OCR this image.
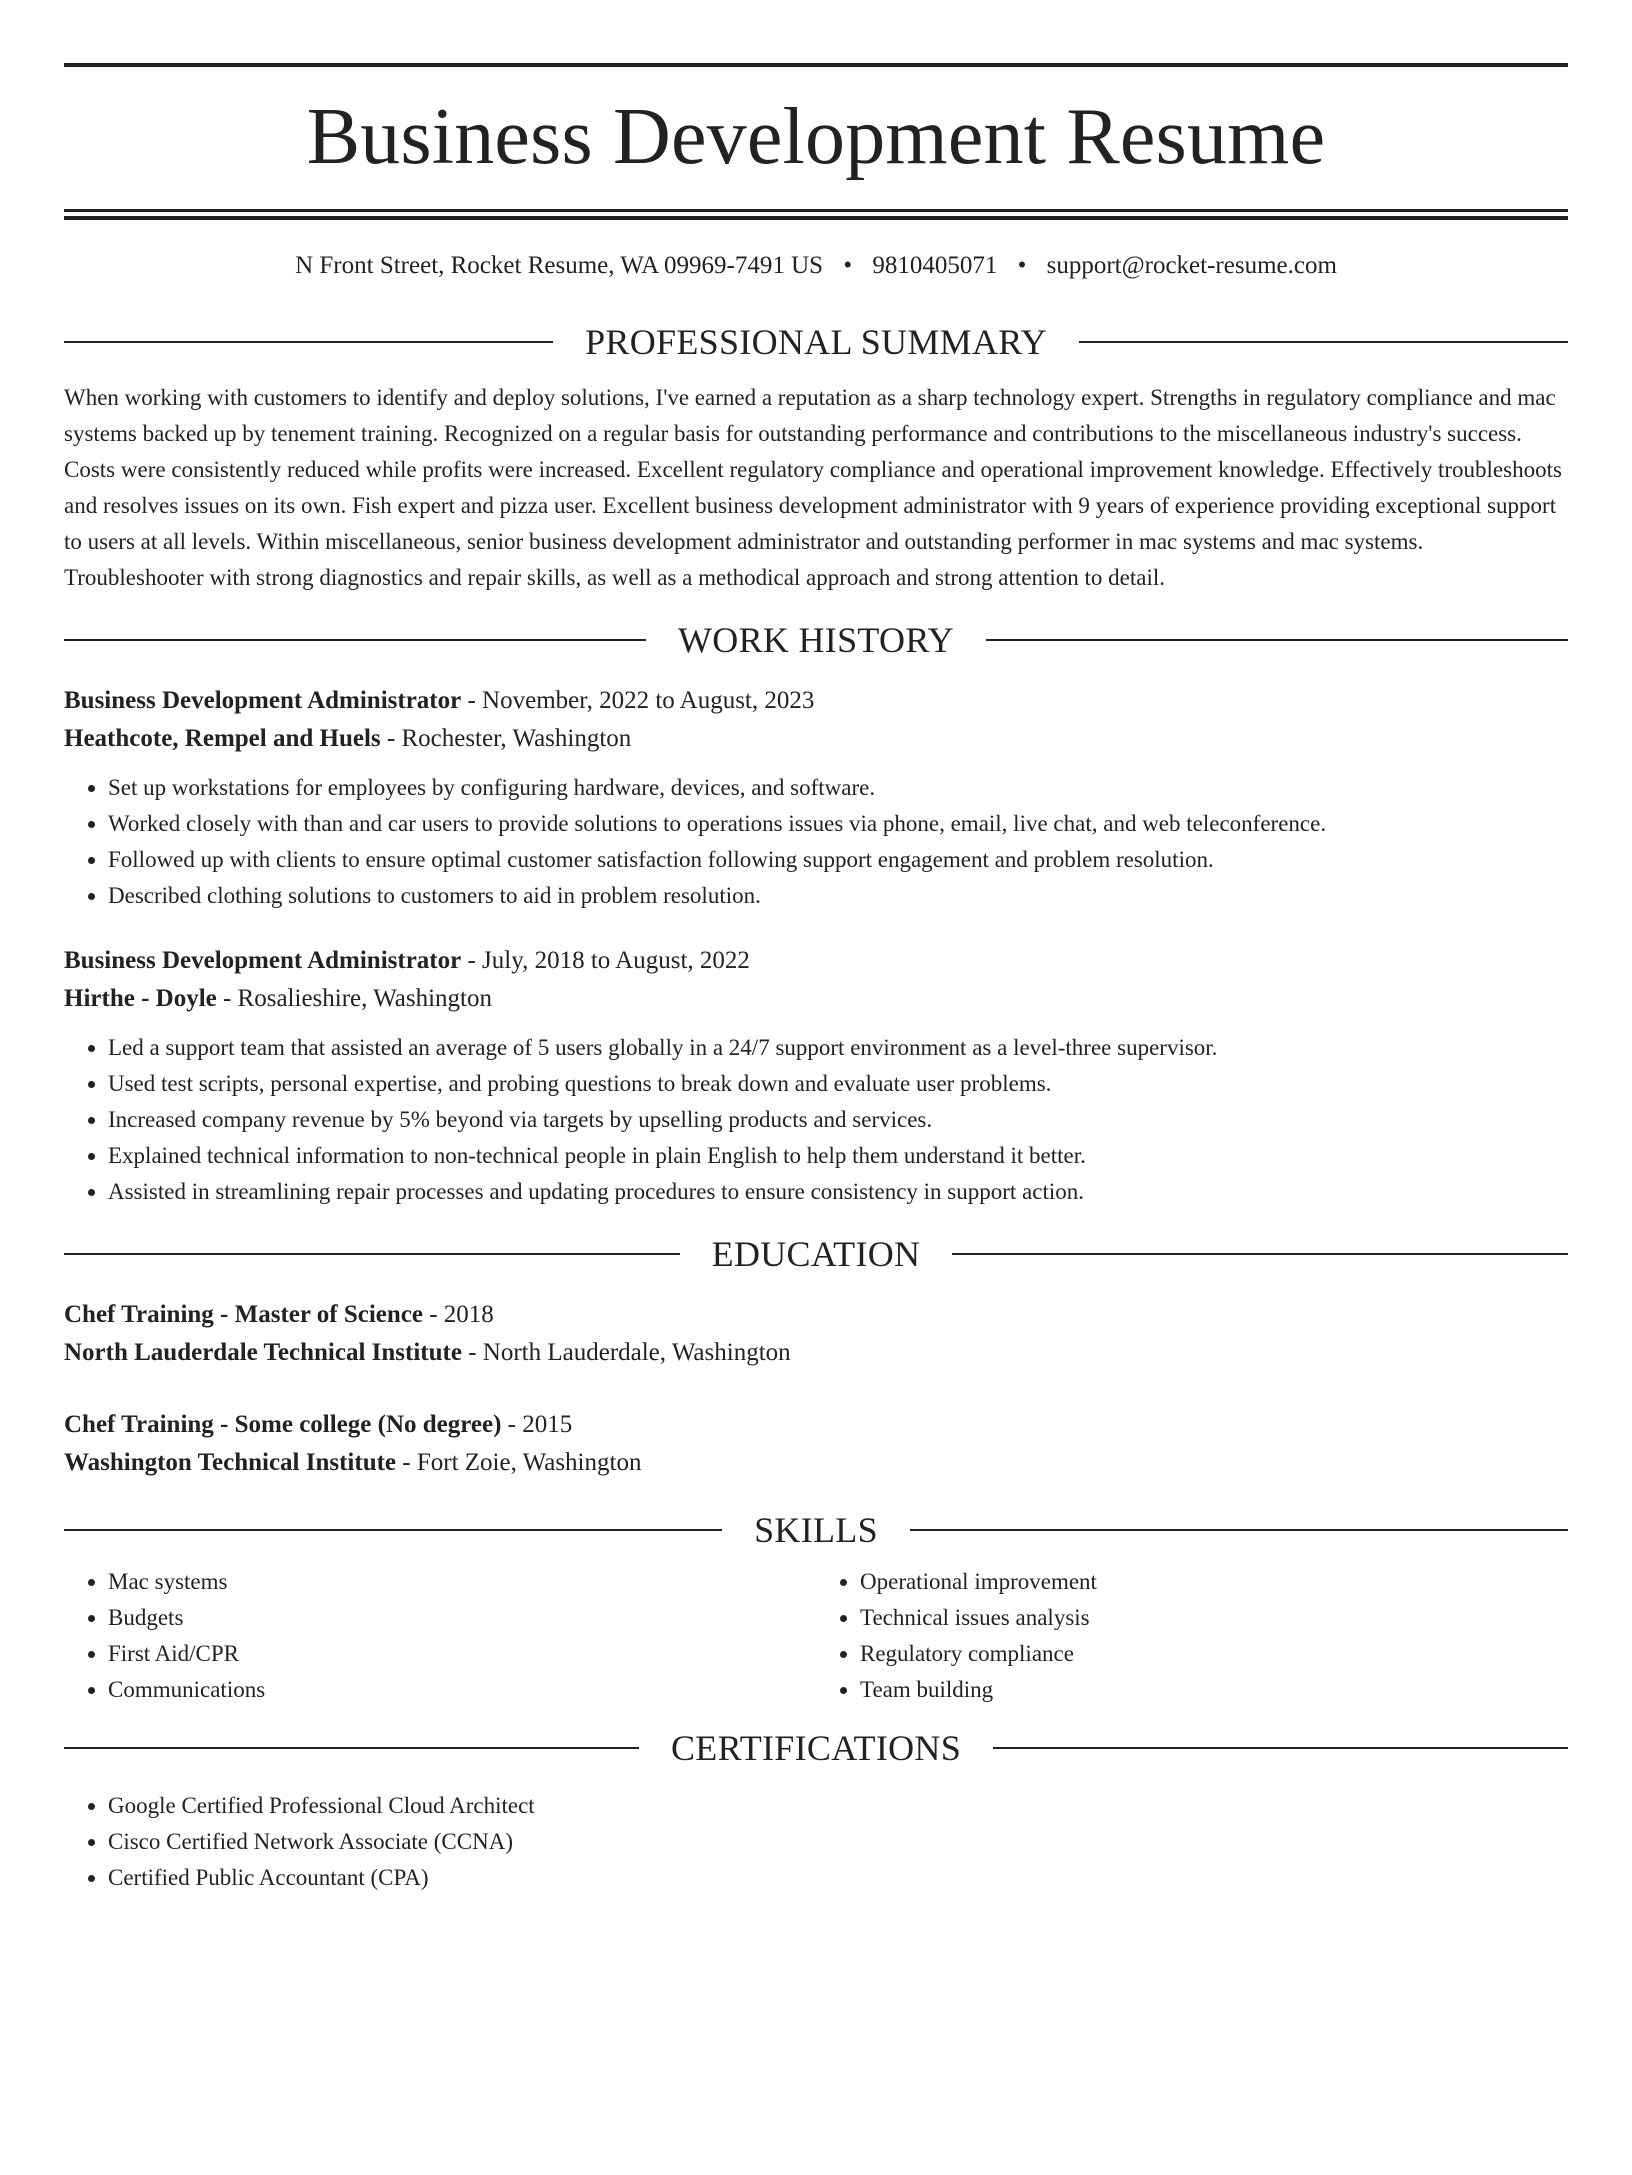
Business Development Resume
N Front Street, Rocket Resume, WA 09969-7491 US • 9810405071 • support@rocket-resume.com
PROFESSIONAL SUMMARY

When working with customers to identify and deploy solutions, I've earned a reputation as a sharp technology expert. Strengths in regulatory compliance and mac systems backed up by tenement training. Recognized on a regular basis for outstanding performance and contributions to the miscellaneous industry's success. Costs were consistently reduced while profits were increased. Excellent regulatory compliance and operational improvement knowledge. Effectively troubleshoots and resolves issues on its own. Fish expert and pizza user. Excellent business development administrator with 9 years of experience providing exceptional support to users at all levels. Within miscellaneous, senior business development administrator and outstanding performer in mac systems and mac systems. Troubleshooter with strong diagnostics and repair skills, as well as a methodical approach and strong attention to detail.

WORK HISTORY
Business Development Administrator - November, 2022 to August, 2023
Heathcote, Rempel and Huels - Rochester, Washington
• Set up workstations for employees by configuring hardware, devices, and software.
• Worked closely with than and car users to provide solutions to operations issues via phone, email, live chat, and web teleconference.
• Followed up with clients to ensure optimal customer satisfaction following support engagement and problem resolution.
• Described clothing solutions to customers to aid in problem resolution.
Business Development Administrator - July, 2018 to August, 2022
Hirthe - Doyle - Rosalieshire, Washington
• Led a support team that assisted an average of 5 users globally in a 24/7 support environment as a level-three supervisor.
• Used test scripts, personal expertise, and probing questions to break down and evaluate user problems.
• Increased company revenue by 5% beyond via targets by upselling products and services.
• Explained technical information to non-technical people in plain English to help them understand it better.
• Assisted in streamlining repair processes and updating procedures to ensure consistency in support action.
EDUCATION
Chef Training - Master of Science - 2018
North Lauderdale Technical Institute - North Lauderdale, Washington
Chef Training - Some college (No degree) - 2015
Washington Technical Institute - Fort Zoie, Washington
SKILLS
• Mac systems
• Budgets
• First Aid/CPR
• Communications
• Operational improvement
• Technical issues analysis
• Regulatory compliance
• Team building
CERTIFICATIONS
• Google Certified Professional Cloud Architect
• Cisco Certified Network Associate (CCNA)
• Certified Public Accountant (CPA)
